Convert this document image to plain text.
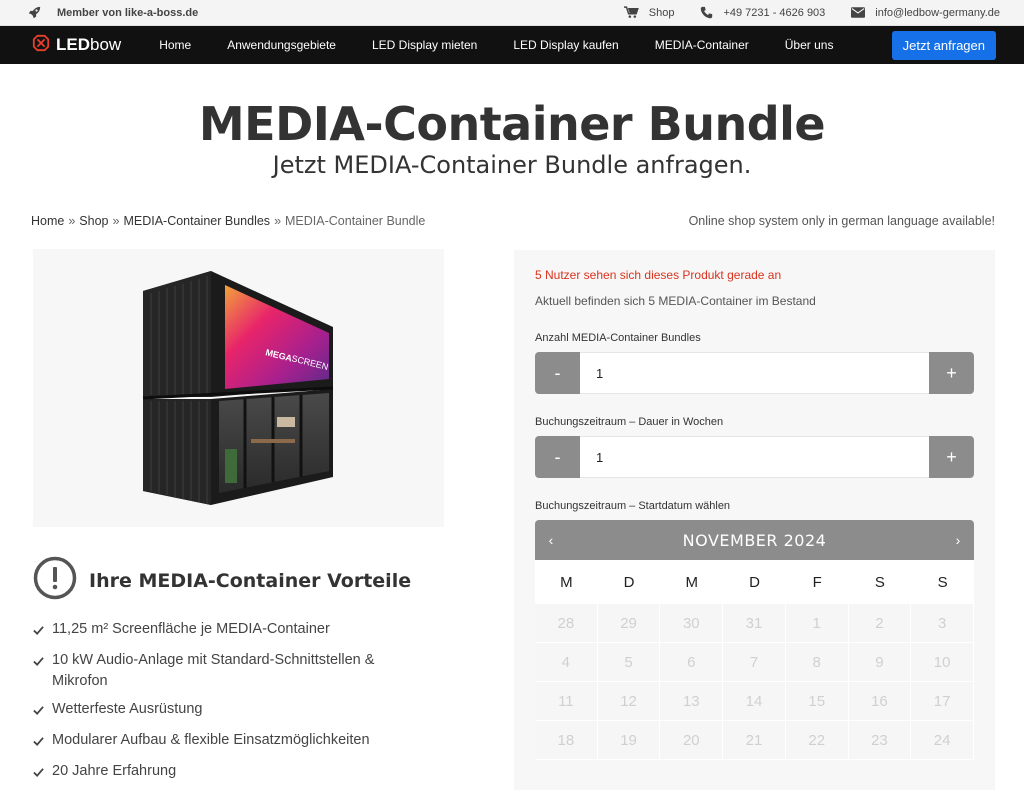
Member von like-a-boss.de	Shop	+49 7231 - 4626 903	info@ledbow-germany.de
LED bow	Home	Anwendungsgebiete	LED Display mieten	LED Display kaufen	MEDIA-Container	Über uns	Jetzt anfragen
MEDIA-Container Bundle
Jetzt MEDIA-Container Bundle anfragen.
Home » Shop » MEDIA-Container Bundles » MEDIA-Container Bundle	Online shop system only in german language available!
MEGA
SCREEN
Ihre MEDIA-Container Vorteile
11,25 m² Screenfläche je MEDIA-Container
10 kW Audio-Anlage mit Standard-Schnittstellen & Mikrofon
Wetterfeste Ausrüstung
Modularer Aufbau & flexible Einsatzmöglichkeiten
20 Jahre Erfahrung
5 Nutzer sehen sich dieses Produkt gerade an
Aktuell befinden sich 5 MEDIA-Container im Bestand
Anzahl MEDIA-Container Bundles
-	1	+
Buchungszeitraum – Dauer in Wochen
-	1	+
Buchungszeitraum – Startdatum wählen
‹	NOVEMBER 2024	›
M	D	M	D	F	S	S
28	29	30	31	1	2	3
4	5	6	7	8	9	10
11	12	13	14	15	16	17
18	19	20	21	22	23	24
